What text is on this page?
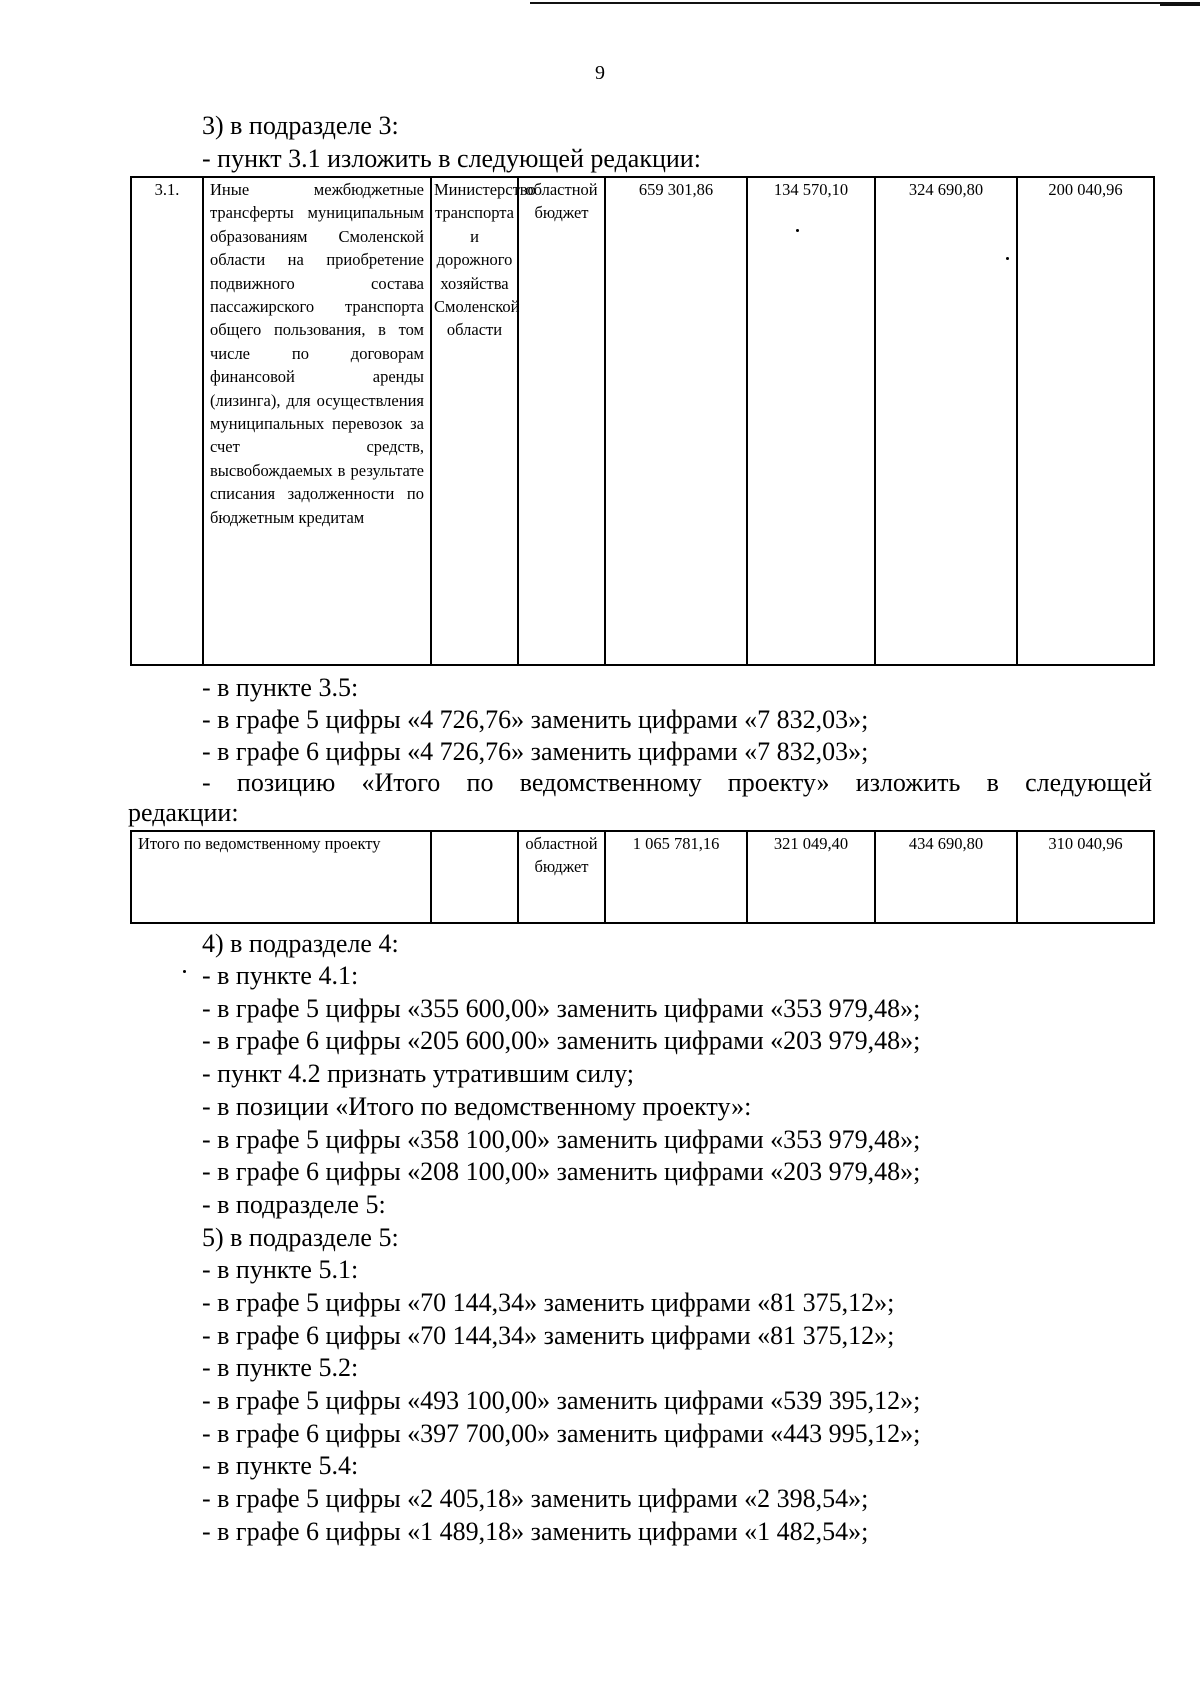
9
3) в подразделе 3:
- пункт 3.1 изложить в следующей редакции:
3.1.	Иные межбюджетные трансферты муниципальным образованиям Смоленской области на приобретение подвижного состава пассажирского транспорта общего пользования, в том числе по договорам финансовой аренды (лизинга), для осуществления муниципальных перевозок за счет средств, высвобождаемых в результате списания задолженности по бюджетным кредитам	Министерство транспорта и дорожного хозяйства Смоленской области	областной бюджет	659 301,86	134 570,10	324 690,80	200 040,96
- в пункте 3.5:
- в графе 5 цифры «4 726,76» заменить цифрами «7 832,03»;
- в графе 6 цифры «4 726,76» заменить цифрами «7 832,03»;
- позицию «Итого по ведомственному проекту» изложить в следующей
редакции:
Итого по ведомственному проекту		областной бюджет	1 065 781,16	321 049,40	434 690,80	310 040,96
4) в подразделе 4:
- в пункте 4.1:
- в графе 5 цифры «355 600,00» заменить цифрами «353 979,48»;
- в графе 6 цифры «205 600,00» заменить цифрами «203 979,48»;
- пункт 4.2 признать утратившим силу;
- в позиции «Итого по ведомственному проекту»:
- в графе 5 цифры «358 100,00» заменить цифрами «353 979,48»;
- в графе 6 цифры «208 100,00» заменить цифрами «203 979,48»;
- в подразделе 5:
5) в подразделе 5:
- в пункте 5.1:
- в графе 5 цифры «70 144,34» заменить цифрами «81 375,12»;
- в графе 6 цифры «70 144,34» заменить цифрами «81 375,12»;
- в пункте 5.2:
- в графе 5 цифры «493 100,00» заменить цифрами «539 395,12»;
- в графе 6 цифры «397 700,00» заменить цифрами «443 995,12»;
- в пункте 5.4:
- в графе 5 цифры «2 405,18» заменить цифрами «2 398,54»;
- в графе 6 цифры «1 489,18» заменить цифрами «1 482,54»;
